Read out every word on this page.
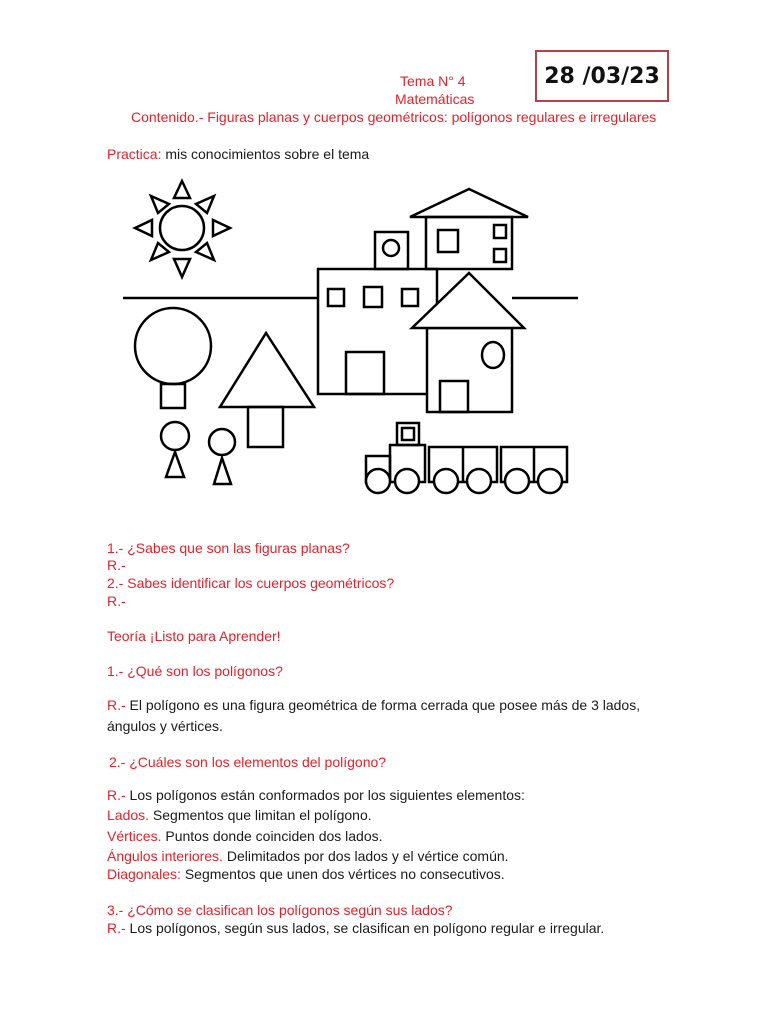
Tema N° 4
Matemáticas
Contenido.- Figuras planas y cuerpos geométricos: polígonos regulares e irregulares
28 /03/23
Practica: mis conocimientos sobre el tema
1.- ¿Sabes que son las figuras planas?
R.-
2.- Sabes identificar los cuerpos geométricos?
R.-
Teoría ¡Listo para Aprender!
1.- ¿Qué son los polígonos?
R.- El polígono es una figura geométrica de forma cerrada que posee más de 3 lados,
ángulos y vértices.
2.- ¿Cuáles son los elementos del polígono?
R.- Los polígonos están conformados por los siguientes elementos:
Lados. Segmentos que limitan el polígono.
Vértices. Puntos donde coinciden dos lados.
Ángulos interiores. Delimitados por dos lados y el vértice común.
Diagonales: Segmentos que unen dos vértices no consecutivos.
3.- ¿Cómo se clasifican los polígonos según sus lados?
R.- Los polígonos, según sus lados, se clasifican en polígono regular e irregular.
